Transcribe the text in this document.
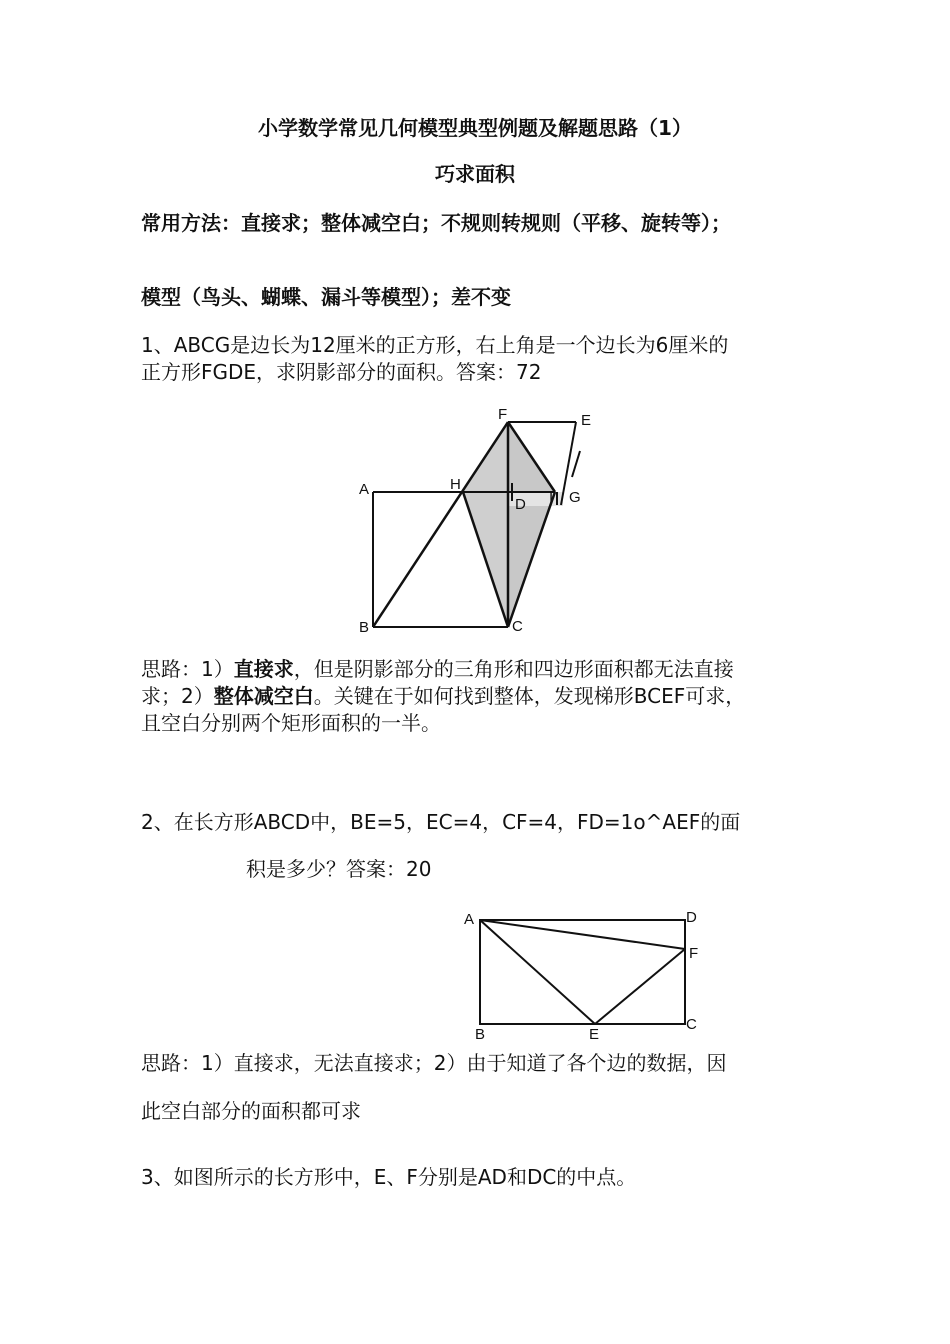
小学数学常见几何模型典型例题及解题思路（1）
巧求面积
常用方法：直接求；整体减空白；不规则转规则（平移、旋转等）；
模型（鸟头、蝴蝶、漏斗等模型）；差不变
1、ABCG是边长为12厘米的正方形，右上角是一个边长为6厘米的
正方形FGDE，求阴影部分的面积。答案：72
F	E
A	H
D I G
B	C
思路：1）直接求，但是阴影部分的三角形和四边形面积都无法直接
求；2）整体减空白。关键在于如何找到整体，发现梯形BCEF可求，
且空白分别两个矩形面积的一半。
2、在长方形ABCD中，BE=5，EC=4，CF=4，FD=1o^AEF的面
积是多少？答案：20
A	D
F
B	E
C
思路：1）直接求，无法直接求；2）由于知道了各个边的数据，因
此空白部分的面积都可求
3、如图所示的长方形中，E、F分别是AD和DC的中点。
